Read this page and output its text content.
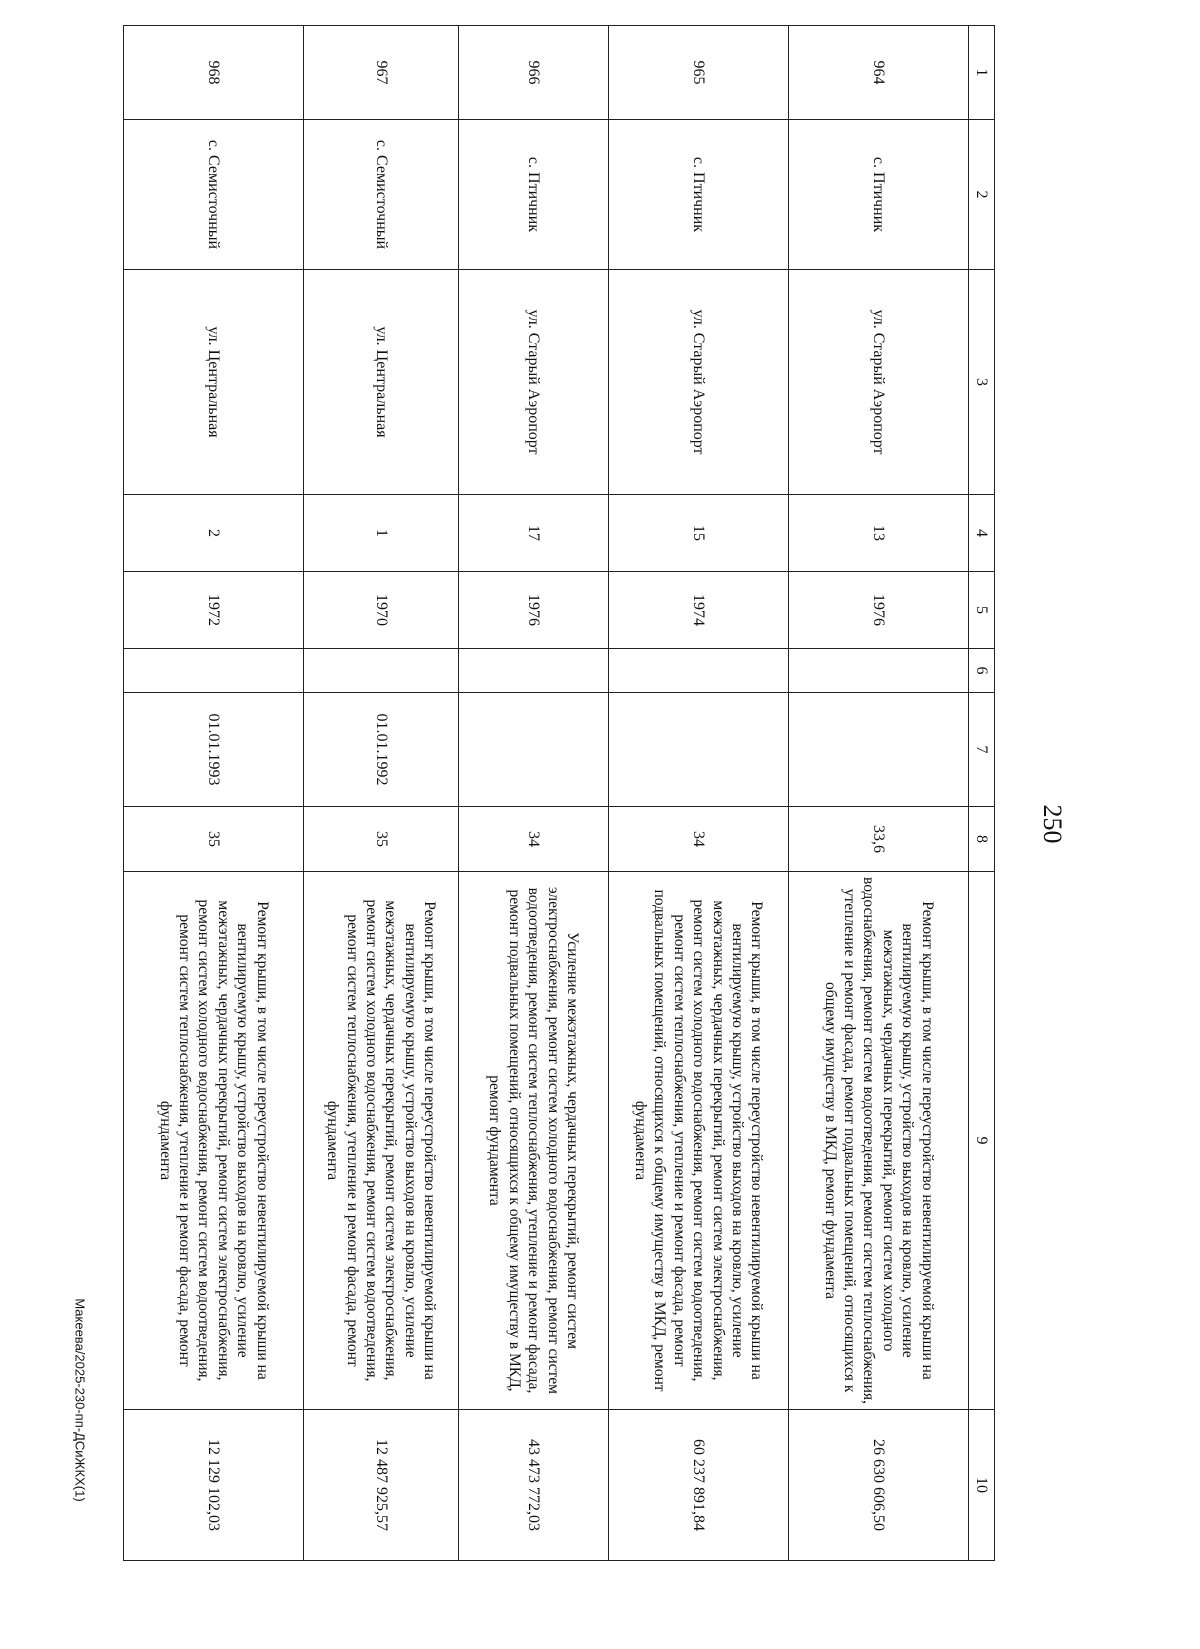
250
1	2	3	4	5	6	7	8	9	10
964	с. Птичник	ул. Старый Аэропорт	13	1976			33,6	Ремонт крыши, в том числе переустройство невентилируемой крыши на вентилируемую крышу, устройство выходов на кровлю, усиление межэтажных, чердачных перекрытий, ремонт систем холодного водоснабжения, ремонт систем водоотведения, ремонт систем теплоснабжения, утепление и ремонт фасада, ремонт подвальных помещений, относящихся к общему имуществу в МКД, ремонт фундамента	26 630 606,50
965	с. Птичник	ул. Старый Аэропорт	15	1974			34	Ремонт крыши, в том числе переустройство невентилируемой крыши на вентилируемую крышу, устройство выходов на кровлю, усиление межэтажных, чердачных перекрытий, ремонт систем электроснабжения, ремонт систем холодного водоснабжения, ремонт систем водоотведения, ремонт систем теплоснабжения, утепление и ремонт фасада, ремонт подвальных помещений, относящихся к общему имуществу в МКД, ремонт фундамента	60 237 891,84
966	с. Птичник	ул. Старый Аэропорт	17	1976			34	Усиление межэтажных, чердачных перекрытий, ремонт систем электроснабжения, ремонт систем холодного водоснабжения, ремонт систем водоотведения, ремонт систем теплоснабжения, утепление и ремонт фасада, ремонт подвальных помещений, относящихся к общему имуществу в МКД, ремонт фундамента	43 473 772,03
967	с. Семисточный	ул. Центральная	1	1970		01.01.1992	35	Ремонт крыши, в том числе переустройство невентилируемой крыши на вентилируемую крышу, устройство выходов на кровлю, усиление межэтажных, чердачных перекрытий, ремонт систем электроснабжения, ремонт систем холодного водоснабжения, ремонт систем водоотведения, ремонт систем теплоснабжения, утепление и ремонт фасада, ремонт фундамента	12 487 925,57
968	с. Семисточный	ул. Центральная	2	1972		01.01.1993	35	Ремонт крыши, в том числе переустройство невентилируемой крыши на вентилируемую крышу, устройство выходов на кровлю, усиление межэтажных, чердачных перекрытий, ремонт систем электроснабжения, ремонт систем холодного водоснабжения, ремонт систем водоотведения, ремонт систем теплоснабжения, утепление и ремонт фасада, ремонт фундамента	12 129 102,03
Макеева/2025-230-пп-ДСиЖКХ(1)
